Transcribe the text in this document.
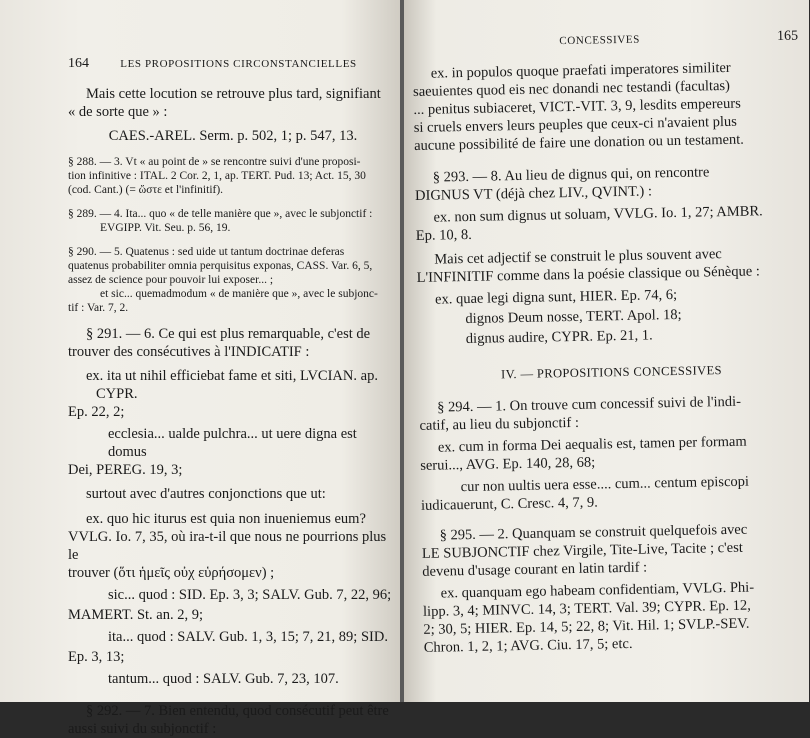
164	LES PROPOSITIONS CIRCONSTANCIELLES

Mais cette locution se retrouve plus tard, signifiant

« de sorte que » :

CAES.-AREL. Serm. p. 502, 1; p. 547, 13.

§ 288. — 3. Vt « au point de » se rencontre suivi d'une proposi-

tion infinitive : ITAL. 2 Cor. 2, 1, ap. TERT. Pud. 13; Act. 15, 30

(cod. Cant.) (= ὥστε et l'infinitif).

§ 289. — 4. Ita... quo « de telle manière que », avec le subjonctif :

EVGIPP. Vit. Seu. p. 56, 19.

§ 290. — 5. Quatenus : sed uide ut tantum doctrinae deferas

quatenus probabiliter omnia perquisitus exponas, CASS. Var. 6, 5,

assez de science pour pouvoir lui exposer... ;

et sic... quemadmodum « de manière que », avec le subjonc-

tif : Var. 7, 2.

§ 291. — 6. Ce qui est plus remarquable, c'est de

trouver des consécutives à l'INDICATIF :

ex. ita ut nihil efficiebat fame et siti, LVCIAN. ap. CYPR.

Ep. 22, 2;

ecclesia... ualde pulchra... ut uere digna est domus

Dei, PEREG. 19, 3;

surtout avec d'autres conjonctions que ut:

ex. quo hic iturus est quia non inueniemus eum?

VVLG. Io. 7, 35, où ira-t-il que nous ne pourrions plus le

trouver (ὅτι ἡμεῖς οὐχ εὑρήσομεν) ;

sic... quod : SID. Ep. 3, 3; SALV. Gub. 7, 22, 96;

MAMERT. St. an. 2, 9;

ita... quod : SALV. Gub. 1, 3, 15; 7, 21, 89; SID.

Ep. 3, 13;

tantum... quod : SALV. Gub. 7, 23, 107.

§ 292. — 7. Bien entendu, quod consécutif peut être

aussi suivi du subjonctif :

CONCESSIVES	165

ex. in populos quoque praefati imperatores similiter

saeuientes quod eis nec donandi nec testandi (facultas)

... penitus subiaceret, VICT.-VIT. 3, 9, lesdits empereurs

si cruels envers leurs peuples que ceux-ci n'avaient plus

aucune possibilité de faire une donation ou un testament.

§ 293. — 8. Au lieu de dignus qui, on rencontre

DIGNUS VT (déjà chez LIV., QVINT.) :

ex. non sum dignus ut soluam, VVLG. Io. 1, 27; AMBR.

Ep. 10, 8.

Mais cet adjectif se construit le plus souvent avec

L'INFINITIF comme dans la poésie classique ou Sénèque :

ex. quae legi digna sunt, HIER. Ep. 74, 6;

dignos Deum nosse, TERT. Apol. 18;

dignus audire, CYPR. Ep. 21, 1.

IV. — PROPOSITIONS CONCESSIVES

§ 294. — 1. On trouve cum concessif suivi de l'indi-

catif, au lieu du subjonctif :

ex. cum in forma Dei aequalis est, tamen per formam

serui..., AVG. Ep. 140, 28, 68;

cur non uultis uera esse.... cum... centum episcopi

iudicauerunt, C. Cresc. 4, 7, 9.

§ 295. — 2. Quanquam se construit quelquefois avec

LE SUBJONCTIF chez Virgile, Tite-Live, Tacite ; c'est

devenu d'usage courant en latin tardif :

ex. quanquam ego habeam confidentiam, VVLG. Phi-

lipp. 3, 4; MINVC. 14, 3; TERT. Val. 39; CYPR. Ep. 12,

2; 30, 5; HIER. Ep. 14, 5; 22, 8; Vit. Hil. 1; SVLP.-SEV.

Chron. 1, 2, 1; AVG. Ciu. 17, 5; etc.
